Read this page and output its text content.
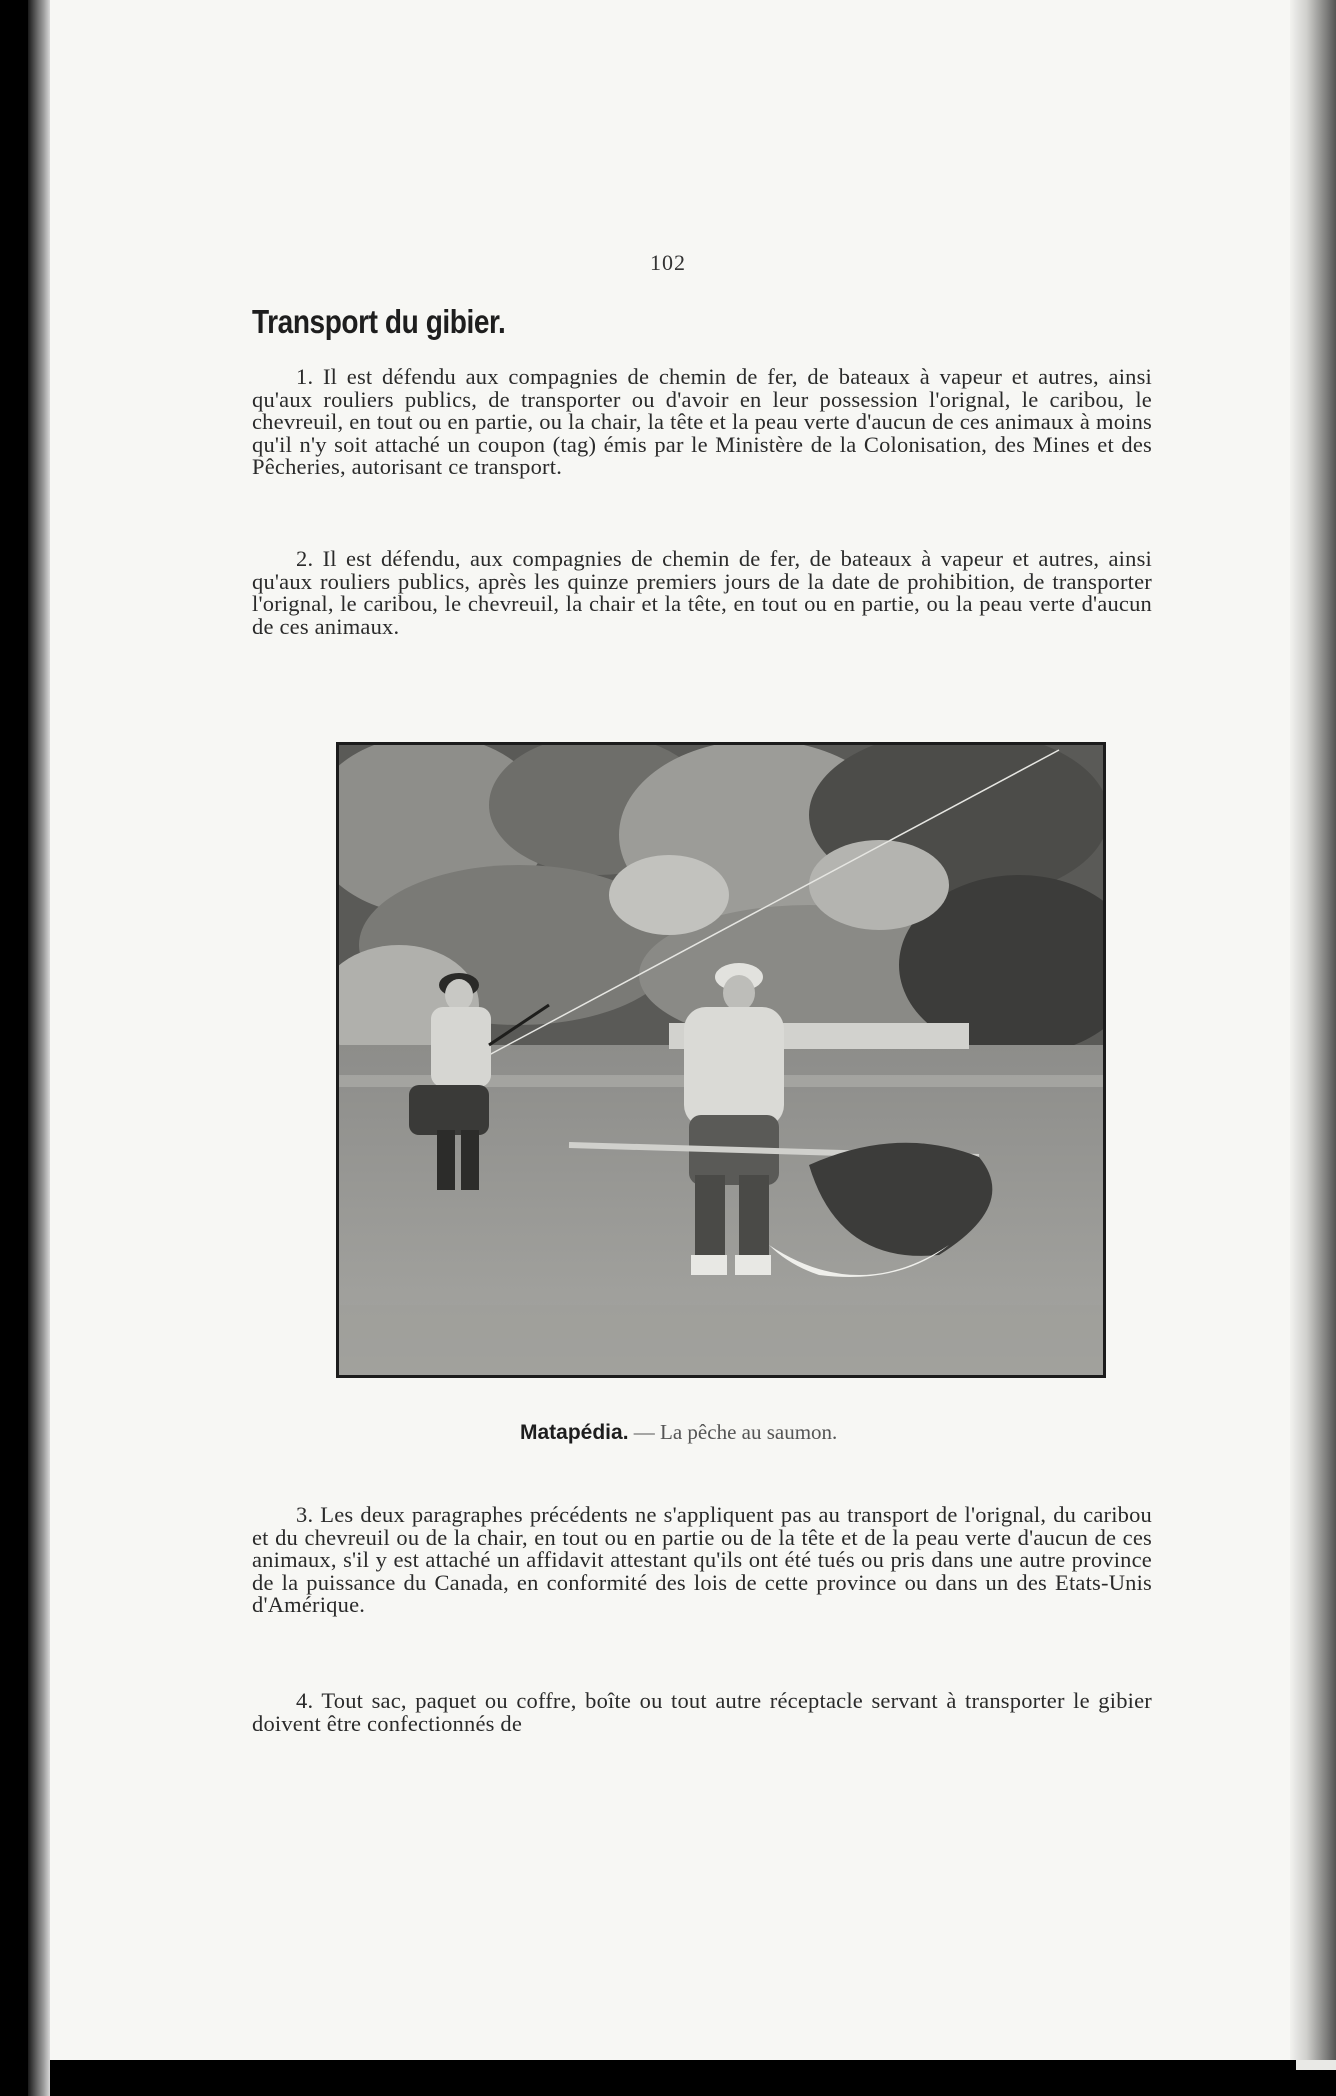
102
Transport du gibier.

1. Il est défendu aux compagnies de chemin de fer, de bateaux à vapeur et autres, ainsi qu'aux rouliers publics, de transporter ou d'avoir en leur possession l'orignal, le caribou, le chevreuil, en tout ou en partie, ou la chair, la tête et la peau verte d'aucun de ces animaux à moins qu'il n'y soit attaché un coupon (tag) émis par le Ministère de la Colonisation, des Mines et des Pêcheries, autorisant ce transport.

2. Il est défendu, aux compagnies de chemin de fer, de bateaux à vapeur et autres, ainsi qu'aux rouliers publics, après les quinze premiers jours de la date de prohibition, de transporter l'orignal, le caribou, le chevreuil, la chair et la tête, en tout ou en partie, ou la peau verte d'aucun de ces animaux.

Matapédia. — La pêche au saumon.

3. Les deux paragraphes précédents ne s'appliquent pas au transport de l'orignal, du caribou et du chevreuil ou de la chair, en tout ou en partie ou de la tête et de la peau verte d'aucun de ces animaux, s'il y est attaché un affidavit attestant qu'ils ont été tués ou pris dans une autre province de la puissance du Canada, en conformité des lois de cette province ou dans un des Etats-Unis d'Amérique.

4. Tout sac, paquet ou coffre, boîte ou tout autre réceptacle servant à transporter le gibier doivent être confectionnés de
